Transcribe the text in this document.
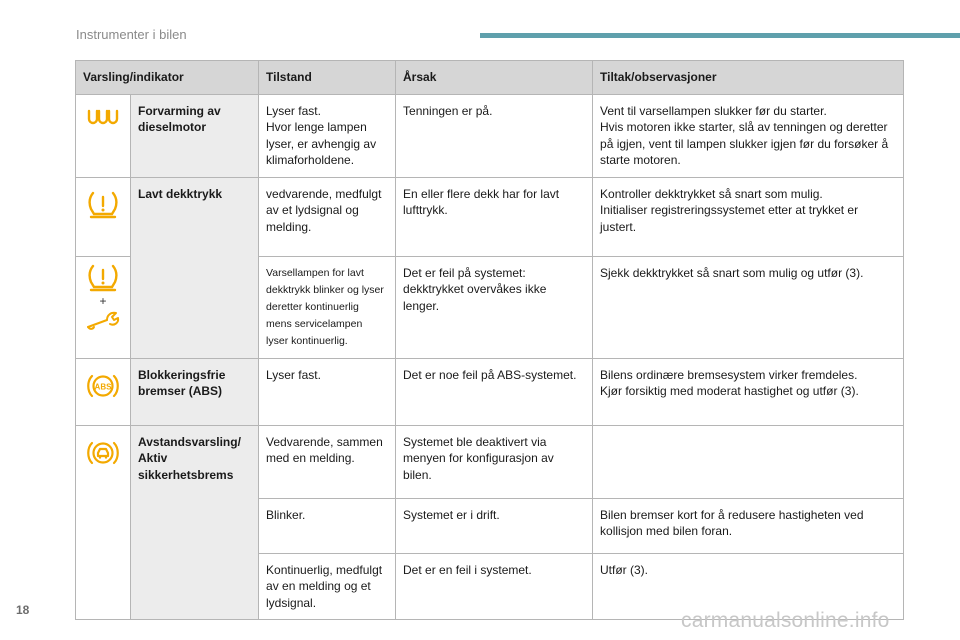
Instrumenter i bilen
Varsling/indikator		Tilstand	Årsak	Tiltak/observasjoner

	Forvarming av dieselmotor	Lyser fast.
Hvor lenge lampen lyser, er avhengig av klimaforholdene.	Tenningen er på.	Vent til varsellampen slukker før du starter.
Hvis motoren ikke starter, slå av tenningen og deretter på igjen, vent til lampen slukker igjen før du forsøker å starte motoren.

	Lavt dekktrykk	vedvarende, medfulgt av et lydsignal og melding.	En eller flere dekk har for lavt lufttrykk.	Kontroller dekktrykket så snart som mulig.
Initialiser registreringssystemet etter at trykket er justert.

+		Varsellampen for lavt dekktrykk blinker og lyser deretter kontinuerlig mens servicelampen lyser kontinuerlig.	Det er feil på systemet: dekktrykket overvåkes ikke lenger.	Sjekk dekktrykket så snart som mulig og utfør (3).

ABS	Blokkeringsfrie bremser (ABS)	Lyser fast.	Det er noe feil på ABS-systemet.	Bilens ordinære bremsesystem virker fremdeles.
Kjør forsiktig med moderat hastighet og utfør (3).

	Avstandsvarsling/ Aktiv sikkerhetsbrems	Vedvarende, sammen med en melding.	Systemet ble deaktivert via menyen for konfigurasjon av bilen.	
		Blinker.	Systemet er i drift.	Bilen bremser kort for å redusere hastigheten ved kollisjon med bilen foran.
		Kontinuerlig, medfulgt av en melding og et lydsignal.	Det er en feil i systemet.	Utfør (3).
18	carmanualsonline.info
